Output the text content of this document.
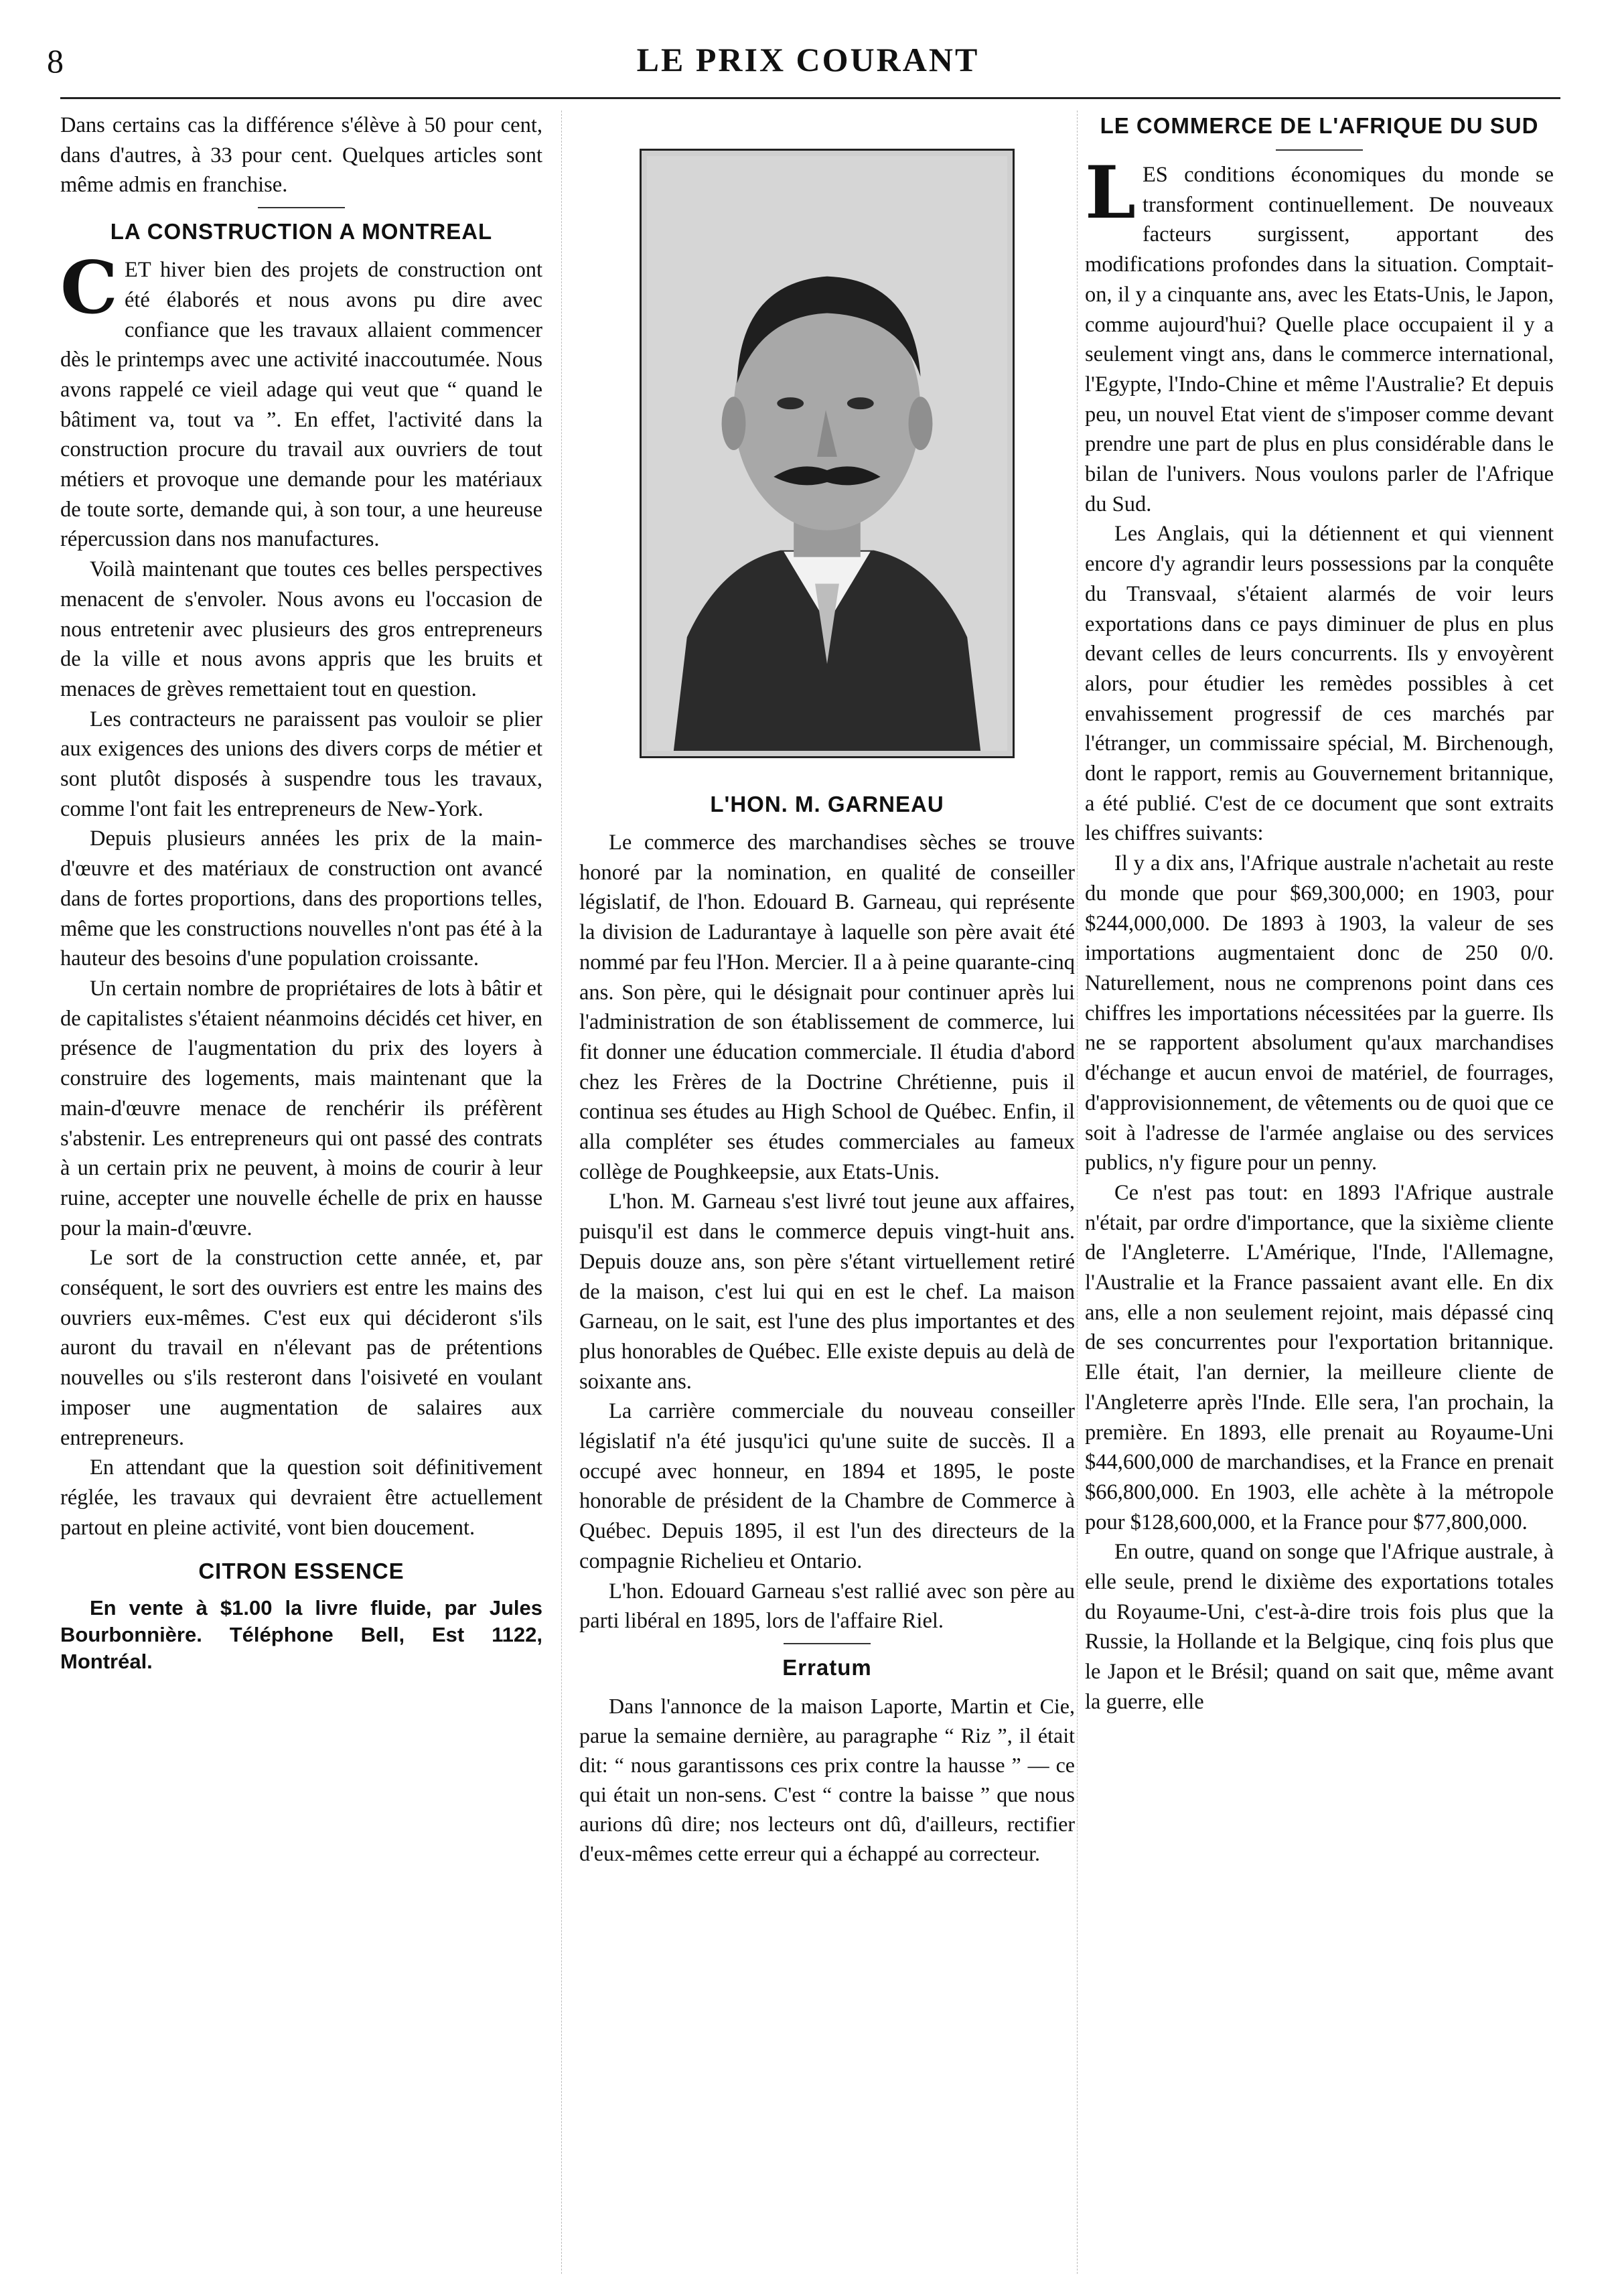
8	LE PRIX COURANT

Dans certains cas la différence s'élève à 50 pour cent, dans d'autres, à 33 pour cent. Quelques articles sont même admis en franchise.

LA CONSTRUCTION A MONTREAL

CET hiver bien des projets de construction ont été élaborés et nous avons pu dire avec confiance que les travaux allaient commencer dès le printemps avec une activité inaccoutumée. Nous avons rappelé ce vieil adage qui veut que “ quand le bâtiment va, tout va ”. En effet, l'activité dans la construction procure du travail aux ouvriers de tout métiers et provoque une demande pour les matériaux de toute sorte, demande qui, à son tour, a une heureuse répercussion dans nos manufactures.

Voilà maintenant que toutes ces belles perspectives menacent de s'envoler. Nous avons eu l'occasion de nous entretenir avec plusieurs des gros entrepreneurs de la ville et nous avons appris que les bruits et menaces de grèves remettaient tout en question.

Les contracteurs ne paraissent pas vouloir se plier aux exigences des unions des divers corps de métier et sont plutôt disposés à suspendre tous les travaux, comme l'ont fait les entrepreneurs de New-York.

Depuis plusieurs années les prix de la main-d'œuvre et des matériaux de construction ont avancé dans de fortes proportions, dans des proportions telles, même que les constructions nouvelles n'ont pas été à la hauteur des besoins d'une population croissante.

Un certain nombre de propriétaires de lots à bâtir et de capitalistes s'étaient néanmoins décidés cet hiver, en présence de l'augmentation du prix des loyers à construire des logements, mais maintenant que la main-d'œuvre menace de renchérir ils préfèrent s'abstenir. Les entrepreneurs qui ont passé des contrats à un certain prix ne peuvent, à moins de courir à leur ruine, accepter une nouvelle échelle de prix en hausse pour la main-d'œuvre.

Le sort de la construction cette année, et, par conséquent, le sort des ouvriers est entre les mains des ouvriers eux-mêmes. C'est eux qui décideront s'ils auront du travail en n'élevant pas de prétentions nouvelles ou s'ils resteront dans l'oisiveté en voulant imposer une augmentation de salaires aux entrepreneurs.

En attendant que la question soit définitivement réglée, les travaux qui devraient être actuellement partout en pleine activité, vont bien doucement.

CITRON ESSENCE

En vente à $1.00 la livre fluide, par Jules Bourbonnière. Téléphone Bell, Est 1122, Montréal.

L'HON. M. GARNEAU

Le commerce des marchandises sèches se trouve honoré par la nomination, en qualité de conseiller législatif, de l'hon. Edouard B. Garneau, qui représente la division de Ladurantaye à laquelle son père avait été nommé par feu l'Hon. Mercier. Il a à peine quarante-cinq ans. Son père, qui le désignait pour continuer après lui l'administration de son établissement de commerce, lui fit donner une éducation commerciale. Il étudia d'abord chez les Frères de la Doctrine Chrétienne, puis il continua ses études au High School de Québec. Enfin, il alla compléter ses études commerciales au fameux collège de Poughkeepsie, aux Etats-Unis.

L'hon. M. Garneau s'est livré tout jeune aux affaires, puisqu'il est dans le commerce depuis vingt-huit ans. Depuis douze ans, son père s'étant virtuellement retiré de la maison, c'est lui qui en est le chef. La maison Garneau, on le sait, est l'une des plus importantes et des plus honorables de Québec. Elle existe depuis au delà de soixante ans.

La carrière commerciale du nouveau conseiller législatif n'a été jusqu'ici qu'une suite de succès. Il a occupé avec honneur, en 1894 et 1895, le poste honorable de président de la Chambre de Commerce à Québec. Depuis 1895, il est l'un des directeurs de la compagnie Richelieu et Ontario.

L'hon. Edouard Garneau s'est rallié avec son père au parti libéral en 1895, lors de l'affaire Riel.

Erratum

Dans l'annonce de la maison Laporte, Martin et Cie, parue la semaine dernière, au paragraphe “ Riz ”, il était dit: “ nous garantissons ces prix contre la hausse ” — ce qui était un non-sens. C'est “ contre la baisse ” que nous aurions dû dire; nos lecteurs ont dû, d'ailleurs, rectifier d'eux-mêmes cette erreur qui a échappé au correcteur.

LE COMMERCE DE L'AFRIQUE DU SUD

LES conditions économiques du monde se transforment continuellement. De nouveaux facteurs surgissent, apportant des modifications profondes dans la situation. Comptait-on, il y a cinquante ans, avec les Etats-Unis, le Japon, comme aujourd'hui? Quelle place occupaient il y a seulement vingt ans, dans le commerce international, l'Egypte, l'Indo-Chine et même l'Australie? Et depuis peu, un nouvel Etat vient de s'imposer comme devant prendre une part de plus en plus considérable dans le bilan de l'univers. Nous voulons parler de l'Afrique du Sud.

Les Anglais, qui la détiennent et qui viennent encore d'y agrandir leurs possessions par la conquête du Transvaal, s'étaient alarmés de voir leurs exportations dans ce pays diminuer de plus en plus devant celles de leurs concurrents. Ils y envoyèrent alors, pour étudier les remèdes possibles à cet envahissement progressif de ces marchés par l'étranger, un commissaire spécial, M. Birchenough, dont le rapport, remis au Gouvernement britannique, a été publié. C'est de ce document que sont extraits les chiffres suivants:

Il y a dix ans, l'Afrique australe n'achetait au reste du monde que pour $69,300,000; en 1903, pour $244,000,000. De 1893 à 1903, la valeur de ses importations augmentaient donc de 250 0/0. Naturellement, nous ne comprenons point dans ces chiffres les importations nécessitées par la guerre. Ils ne se rapportent absolument qu'aux marchandises d'échange et aucun envoi de matériel, de fourrages, d'approvisionnement, de vêtements ou de quoi que ce soit à l'adresse de l'armée anglaise ou des services publics, n'y figure pour un penny.

Ce n'est pas tout: en 1893 l'Afrique australe n'était, par ordre d'importance, que la sixième cliente de l'Angleterre. L'Amérique, l'Inde, l'Allemagne, l'Australie et la France passaient avant elle. En dix ans, elle a non seulement rejoint, mais dépassé cinq de ses concurrentes pour l'exportation britannique. Elle était, l'an dernier, la meilleure cliente de l'Angleterre après l'Inde. Elle sera, l'an prochain, la première. En 1893, elle prenait au Royaume-Uni $44,600,000 de marchandises, et la France en prenait $66,800,000. En 1903, elle achète à la métropole pour $128,600,000, et la France pour $77,800,000.

En outre, quand on songe que l'Afrique australe, à elle seule, prend le dixième des exportations totales du Royaume-Uni, c'est-à-dire trois fois plus que la Russie, la Hollande et la Belgique, cinq fois plus que le Japon et le Brésil; quand on sait que, même avant la guerre, elle
